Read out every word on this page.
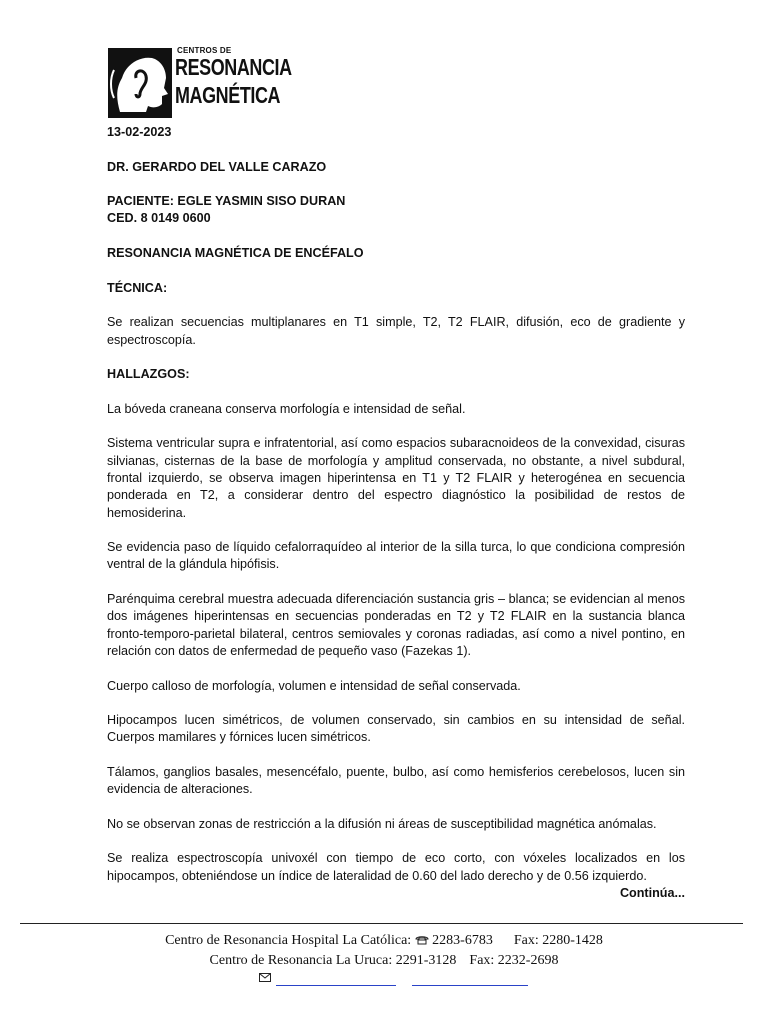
CENTROS DE
RESONANCIA
MAGNÉTICA

13-02-2023

DR. GERARDO DEL VALLE CARAZO

PACIENTE: EGLE YASMIN SISO DURAN

CED. 8 0149 0600

RESONANCIA MAGNÉTICA DE ENCÉFALO

TÉCNICA:

Se realizan secuencias multiplanares en T1 simple, T2, T2 FLAIR, difusión, eco de gradiente y espectroscopía.

HALLAZGOS:

La bóveda craneana conserva morfología e intensidad de señal.

Sistema ventricular supra e infratentorial, así como espacios subaracnoideos de la convexidad, cisuras silvianas, cisternas de la base de morfología y amplitud conservada, no obstante, a nivel subdural, frontal izquierdo, se observa imagen hiperintensa en T1 y T2 FLAIR y heterogénea en secuencia ponderada en T2, a considerar dentro del espectro diagnóstico la posibilidad de restos de hemosiderina.

Se evidencia paso de líquido cefalorraquídeo al interior de la silla turca, lo que condiciona compresión ventral de la glándula hipófisis.

Parénquima cerebral muestra adecuada diferenciación sustancia gris – blanca; se evidencian al menos dos imágenes hiperintensas en secuencias ponderadas en T2 y T2 FLAIR en la sustancia blanca fronto-temporo-parietal bilateral, centros semiovales y coronas radiadas, así como a nivel pontino, en relación con datos de enfermedad de pequeño vaso (Fazekas 1).

Cuerpo calloso de morfología, volumen e intensidad de señal conservada.

Hipocampos lucen simétricos, de volumen conservado, sin cambios en su intensidad de señal. Cuerpos mamilares y fórnices lucen simétricos.

Tálamos, ganglios basales, mesencéfalo, puente, bulbo, así como hemisferios cerebelosos, lucen sin evidencia de alteraciones.

No se observan zonas de restricción a la difusión ni áreas de susceptibilidad magnética anómalas.

Se realiza espectroscopía univoxél con tiempo de eco corto, con vóxeles localizados en los hipocampos, obteniéndose un índice de lateralidad de 0.60 del lado derecho y de 0.56 izquierdo.

Continúa...

Centro de Resonancia Hospital La Católica: 2283-6783 Fax: 2280-1428
Centro de Resonancia La Uruca: 2291-3128 Fax: 2232-2698
